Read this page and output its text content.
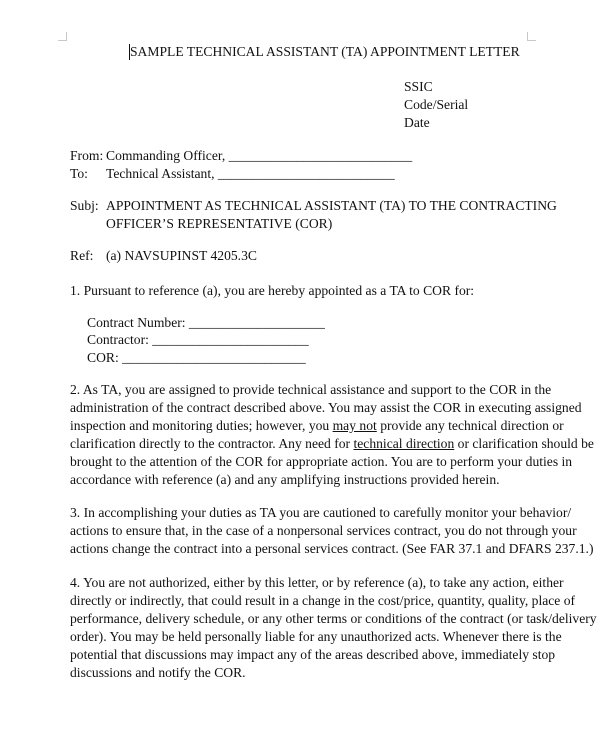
SAMPLE TECHNICAL ASSISTANT (TA) APPOINTMENT LETTER
SSIC
Code/Serial
Date
From: Commanding Officer, ___________________________
To: Technical Assistant, __________________________
Subj: APPOINTMENT AS TECHNICAL ASSISTANT (TA) TO THE CONTRACTING
OFFICER’S REPRESENTATIVE (COR)
Ref: (a) NAVSUPINST 4205.3C
1. Pursuant to reference (a), you are hereby appointed as a TA to COR for:
Contract Number: ____________________
Contractor: _______________________
COR: ___________________________
2. As TA, you are assigned to provide technical assistance and support to the COR in the
administration of the contract described above. You may assist the COR in executing assigned
inspection and monitoring duties; however, you may not provide any technical direction or
clarification directly to the contractor. Any need for technical direction or clarification should be
brought to the attention of the COR for appropriate action. You are to perform your duties in
accordance with reference (a) and any amplifying instructions provided herein.
3. In accomplishing your duties as TA you are cautioned to carefully monitor your behavior/
actions to ensure that, in the case of a nonpersonal services contract, you do not through your
actions change the contract into a personal services contract. (See FAR 37.1 and DFARS 237.1.)
4. You are not authorized, either by this letter, or by reference (a), to take any action, either
directly or indirectly, that could result in a change in the cost/price, quantity, quality, place of
performance, delivery schedule, or any other terms or conditions of the contract (or task/delivery
order). You may be held personally liable for any unauthorized acts. Whenever there is the
potential that discussions may impact any of the areas described above, immediately stop
discussions and notify the COR.
